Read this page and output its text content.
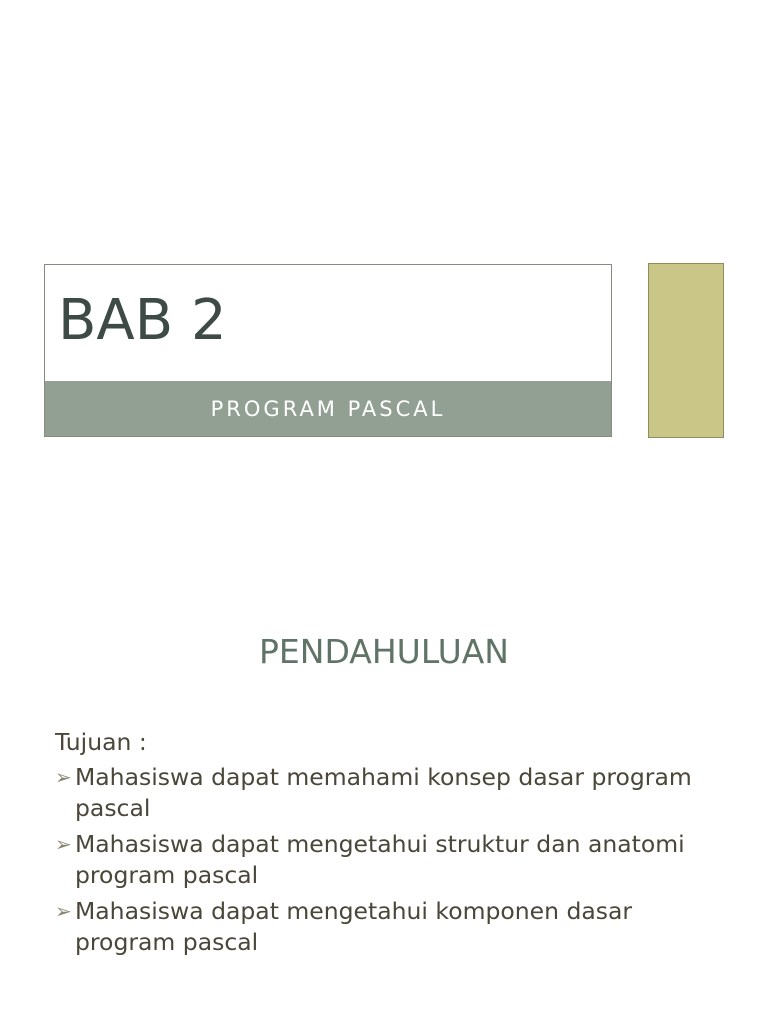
BAB 2
PROGRAM PASCAL
PENDAHULUAN

Tujuan :

➢ Mahasiswa dapat memahami konsep dasar program pascal
➢ Mahasiswa dapat mengetahui struktur dan anatomi program pascal
➢ Mahasiswa dapat mengetahui komponen dasar program pascal
